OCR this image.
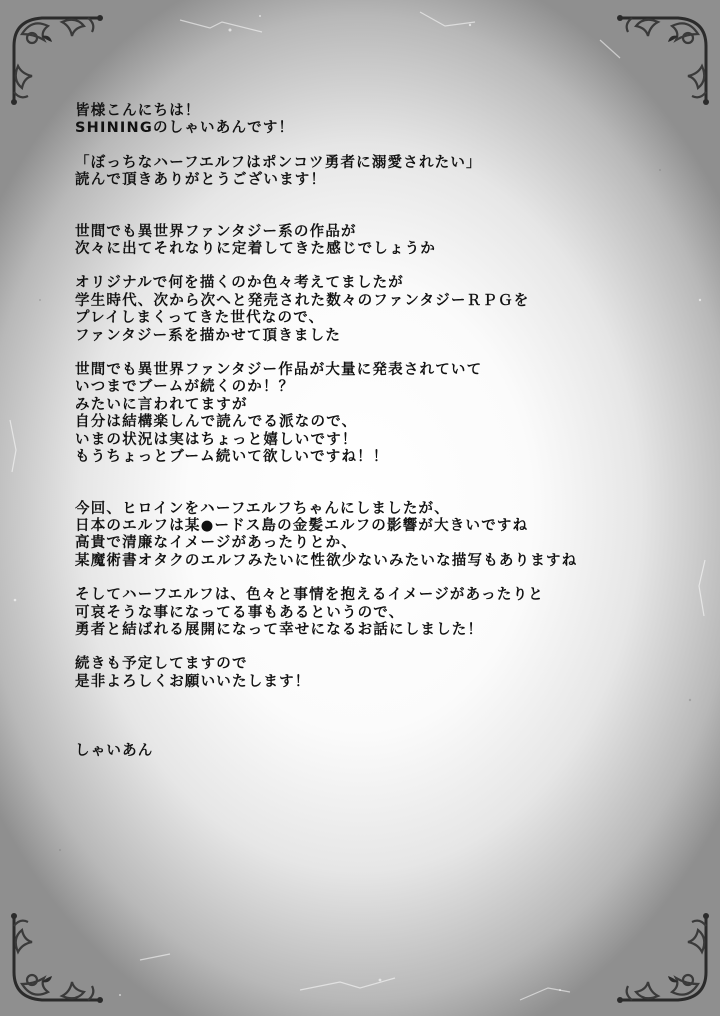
皆様こんにちは！
SHININGのしゃいあんです！

「ぼっちなハーフエルフはポンコツ勇者に溺愛されたい」
読んで頂きありがとうございます！

世間でも異世界ファンタジー系の作品が
次々に出てそれなりに定着してきた感じでしょうか

オリジナルで何を描くのか色々考えてましたが
学生時代、次から次へと発売された数々のファンタジーＲＰＧを
プレイしまくってきた世代なので、
ファンタジー系を描かせて頂きました

世間でも異世界ファンタジー作品が大量に発表されていて
いつまでブームが続くのか！？
みたいに言われてますが
自分は結構楽しんで読んでる派なので、
いまの状況は実はちょっと嬉しいです！
もうちょっとブーム続いて欲しいですね！！

今回、ヒロインをハーフエルフちゃんにしましたが、
日本のエルフは某●ードス島の金髪エルフの影響が大きいですね
高貴で清廉なイメージがあったりとか、
某魔術書オタクのエルフみたいに性欲少ないみたいな描写もありますね

そしてハーフエルフは、色々と事情を抱えるイメージがあったりと
可哀そうな事になってる事もあるというので、
勇者と結ばれる展開になって幸せになるお話にしました！

続きも予定してますので
是非よろしくお願いいたします！

しゃいあん
